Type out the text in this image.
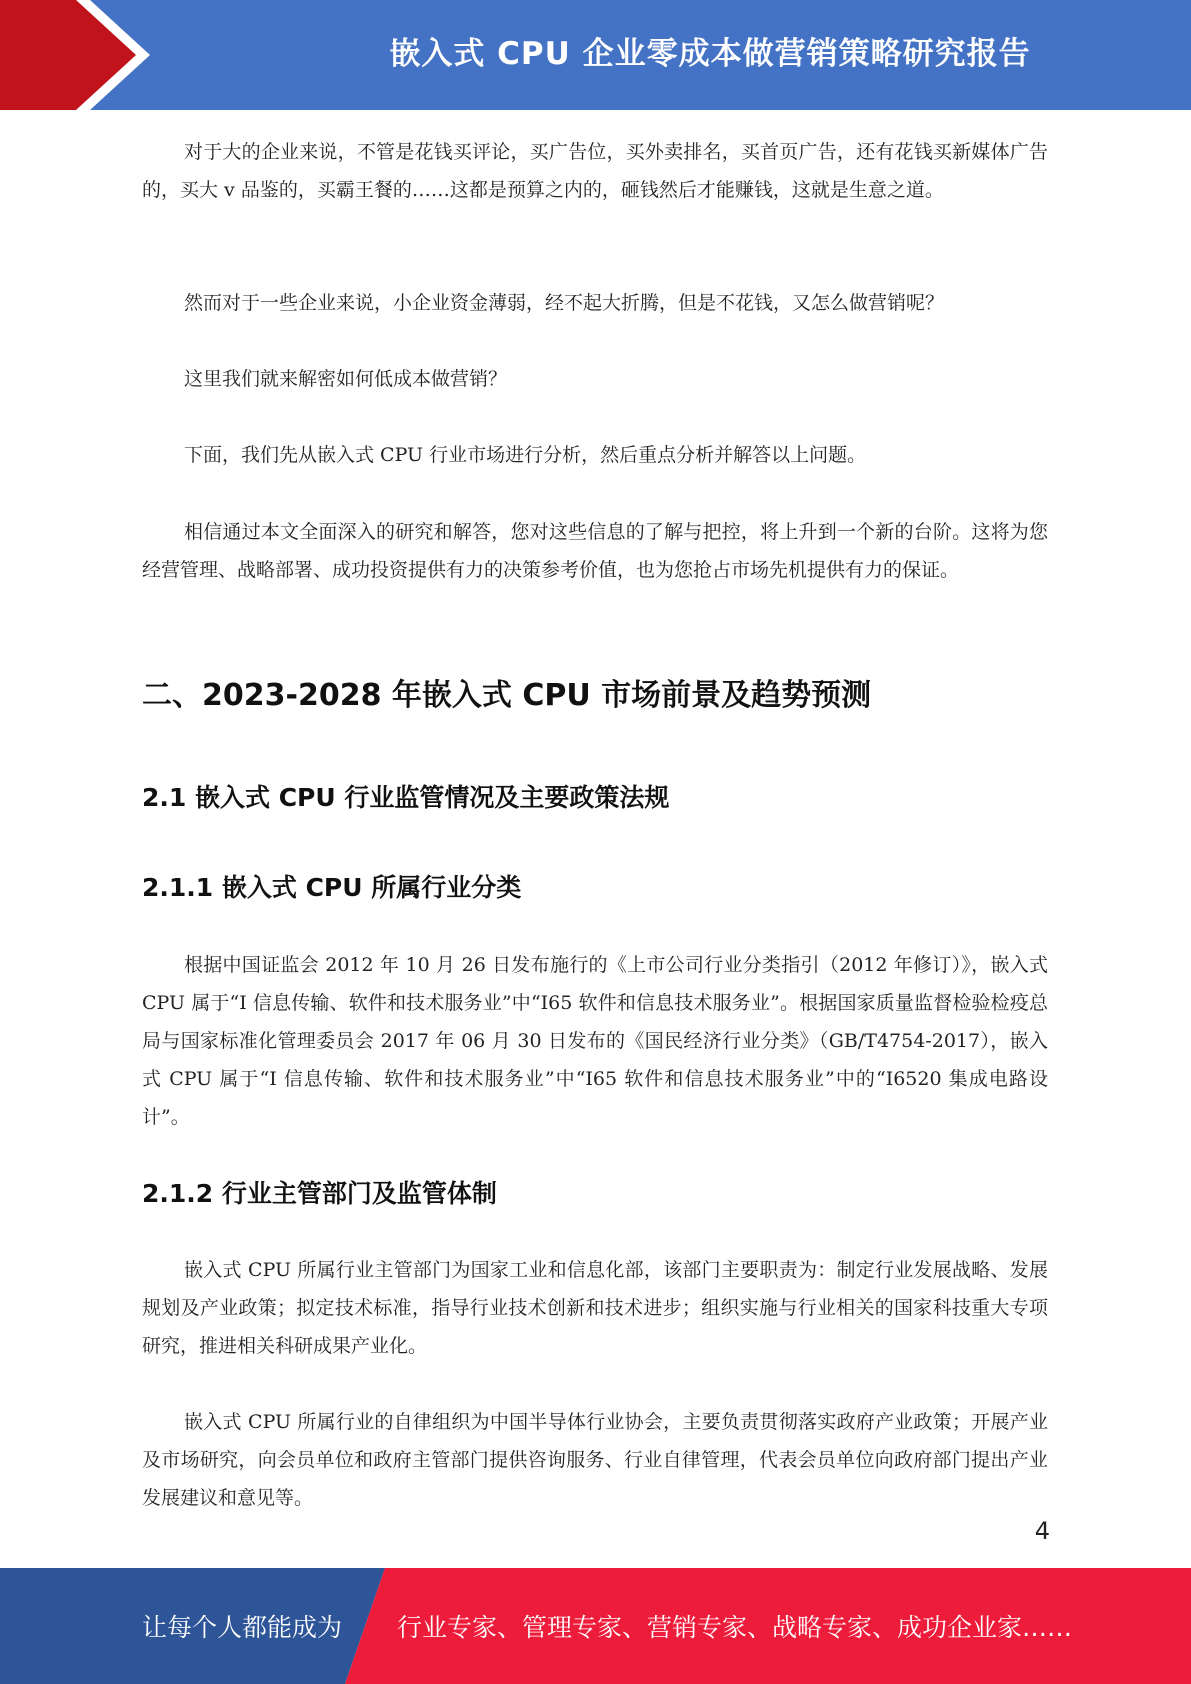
嵌入式 CPU 企业零成本做营销策略研究报告

对于大的企业来说，不管是花钱买评论，买广告位，买外卖排名，买首页广告，还有花钱买新媒体广告的，买大 v 品鉴的，买霸王餐的……这都是预算之内的，砸钱然后才能赚钱，这就是生意之道。

然而对于一些企业来说，小企业资金薄弱，经不起大折腾，但是不花钱，又怎么做营销呢？

这里我们就来解密如何低成本做营销？

下面，我们先从嵌入式 CPU 行业市场进行分析，然后重点分析并解答以上问题。

相信通过本文全面深入的研究和解答，您对这些信息的了解与把控，将上升到一个新的台阶。这将为您经营管理、战略部署、成功投资提供有力的决策参考价值，也为您抢占市场先机提供有力的保证。

二、2023-2028 年嵌入式 CPU 市场前景及趋势预测
2.1 嵌入式 CPU 行业监管情况及主要政策法规
2.1.1 嵌入式 CPU 所属行业分类

根据中国证监会 2012 年 10 月 26 日发布施行的《上市公司行业分类指引（2012 年修订）》，嵌入式 CPU 属于“I 信息传输、软件和技术服务业”中“I65 软件和信息技术服务业”。根据国家质量监督检验检疫总局与国家标准化管理委员会 2017 年 06 月 30 日发布的《国民经济行业分类》（GB/T4754-2017），嵌入式 CPU 属于“I 信息传输、软件和技术服务业”中“I65 软件和信息技术服务业”中的“I6520 集成电路设计”。

2.1.2 行业主管部门及监管体制

嵌入式 CPU 所属行业主管部门为国家工业和信息化部，该部门主要职责为：制定行业发展战略、发展规划及产业政策；拟定技术标准，指导行业技术创新和技术进步；组织实施与行业相关的国家科技重大专项研究，推进相关科研成果产业化。

嵌入式 CPU 所属行业的自律组织为中国半导体行业协会，主要负责贯彻落实政府产业政策；开展产业及市场研究，向会员单位和政府主管部门提供咨询服务、行业自律管理，代表会员单位向政府部门提出产业发展建议和意见等。

4
让每个人都能成为 行业专家、管理专家、营销专家、战略专家、成功企业家……
